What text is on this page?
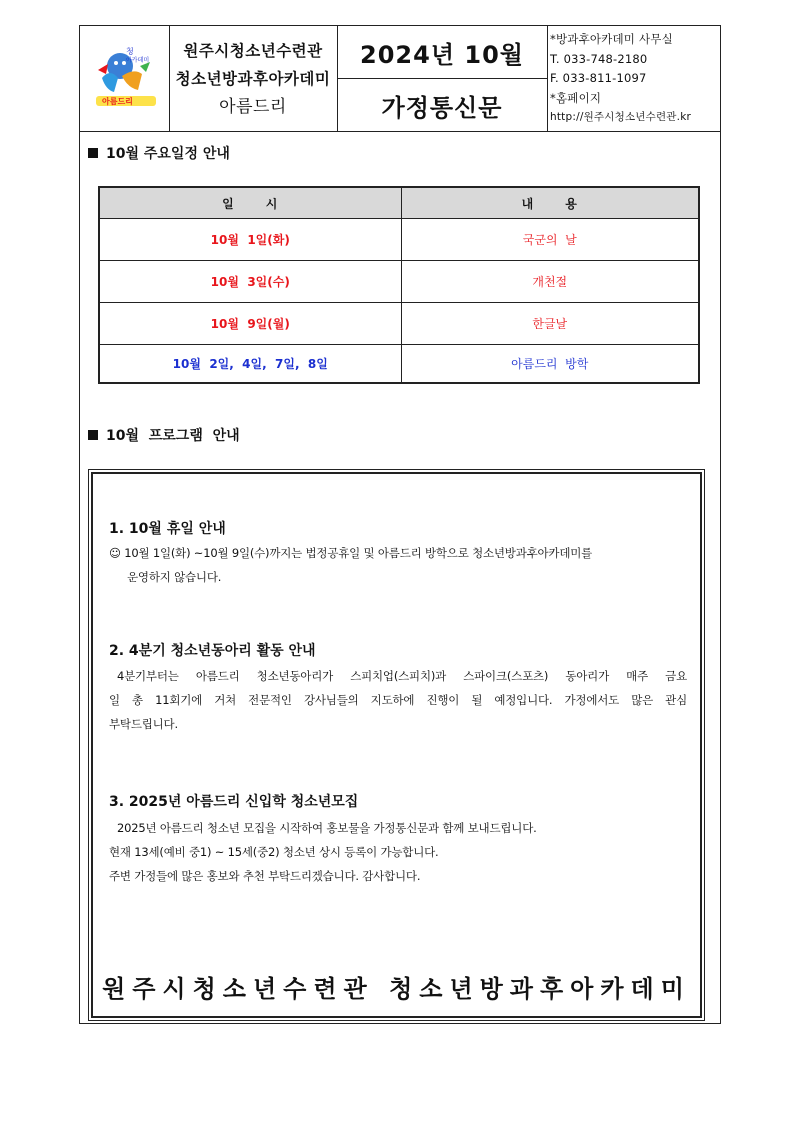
청
아카데미
아름드리
원주시청소년수련관
청소년방과후아카데미
아름드리
2024년 10월
가정통신문
*방과후아카데미 사무실
T. 033-748-2180
F. 033-811-1097
*홈페이지
http://원주시청소년수련관.kr
10월 주요일정 안내
일      시	내      용
10월  1일(화)	국군의  날
10월  3일(수)	개천절
10월  9일(월)	한글날
10월  2일,  4일,  7일,  8일	아름드리  방학
10월  프로그램  안내
1. 10월 휴일 안내
☺ 10월 1일(화) ~10월 9일(수)까지는 법정공휴일 및 아름드리 방학으로 청소년방과후아카데미를
운영하지 않습니다.
2. 4분기 청소년동아리 활동 안내
4분기부터는 아름드리 청소년동아리가 스피치업(스피치)과 스파이크(스포츠) 동아리가 매주 금요
일 총 11회기에 거쳐 전문적인 강사님들의 지도하에 진행이 될 예정입니다. 가정에서도 많은 관심
부탁드립니다.
3. 2025년 아름드리 신입학 청소년모집
2025년 아름드리 청소년 모집을 시작하여 홍보물을 가정통신문과 함께 보내드립니다.
현재 13세(예비 중1) ~ 15세(중2) 청소년 상시 등록이 가능합니다.
주변 가정들에 많은 홍보와 추천 부탁드리겠습니다. 감사합니다.
원주시청소년수련관 청소년방과후아카데미
